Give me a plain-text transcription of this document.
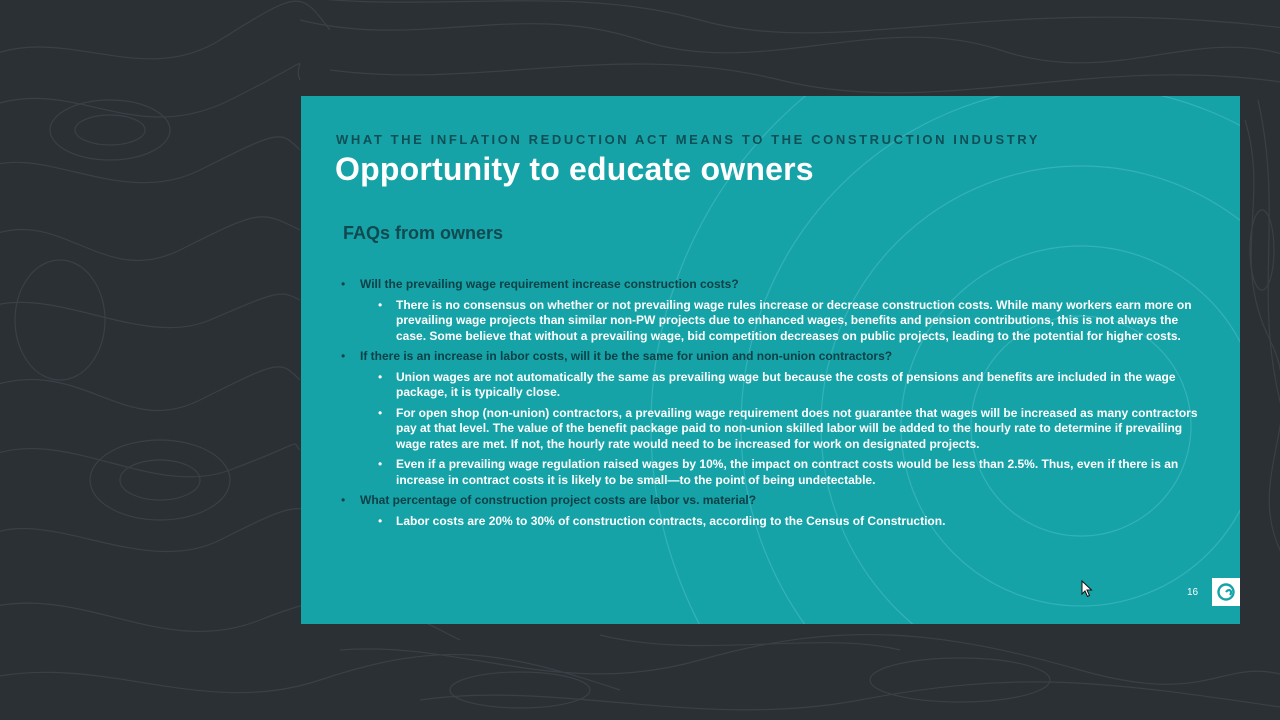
WHAT THE INFLATION REDUCTION ACT MEANS TO THE CONSTRUCTION INDUSTRY
Opportunity to educate owners
FAQs from owners
• Will the prevailing wage requirement increase construction costs?
• There is no consensus on whether or not prevailing wage rules increase or decrease construction costs. While many workers earn more on prevailing wage projects than similar non-PW projects due to enhanced wages, benefits and pension contributions, this is not always the case. Some believe that without a prevailing wage, bid competition decreases on public projects, leading to the potential for higher costs.
• If there is an increase in labor costs, will it be the same for union and non-union contractors?
• Union wages are not automatically the same as prevailing wage but because the costs of pensions and benefits are included in the wage package, it is typically close.
• For open shop (non-union) contractors, a prevailing wage requirement does not guarantee that wages will be increased as many contractors pay at that level. The value of the benefit package paid to non-union skilled labor will be added to the hourly rate to determine if prevailing wage rates are met. If not, the hourly rate would need to be increased for work on designated projects.
• Even if a prevailing wage regulation raised wages by 10%, the impact on contract costs would be less than 2.5%. Thus, even if there is an increase in contract costs it is likely to be small—to the point of being undetectable.
• What percentage of construction project costs are labor vs. material?
• Labor costs are 20% to 30% of construction contracts, according to the Census of Construction.
16
